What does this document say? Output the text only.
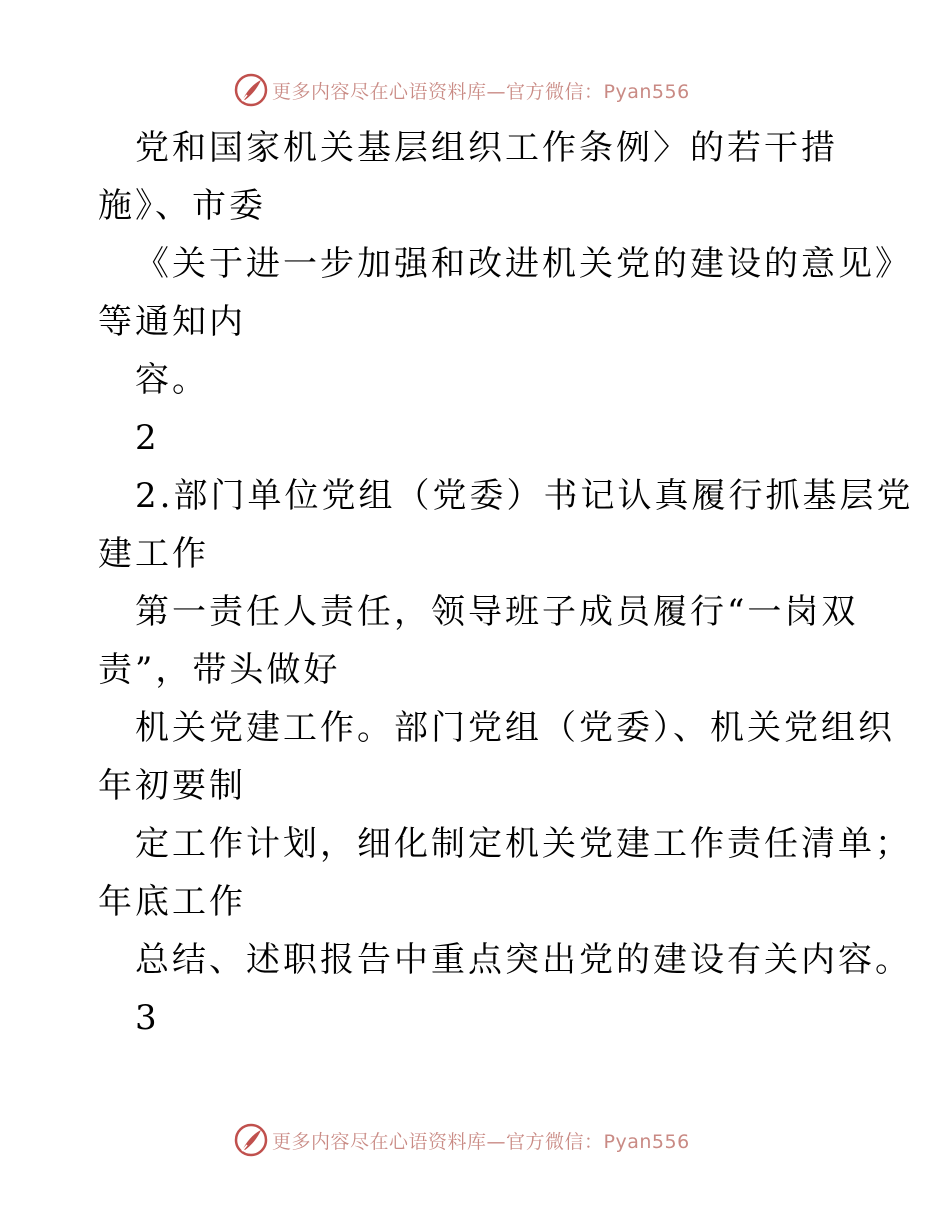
更多内容尽在心语资料库—官方微信：Pyan556
党和国家机关基层组织工作条例〉的若干措
施》、市委
《关于进一步加强和改进机关党的建设的意见》
等通知内
容。
2
2.部门单位党组（党委）书记认真履行抓基层党
建工作
第一责任人责任，领导班子成员履行“一岗双
责”，带头做好
机关党建工作。部门党组（党委）、机关党组织
年初要制
定工作计划，细化制定机关党建工作责任清单；
年底工作
总结、述职报告中重点突出党的建设有关内容。
3
更多内容尽在心语资料库—官方微信：Pyan556
